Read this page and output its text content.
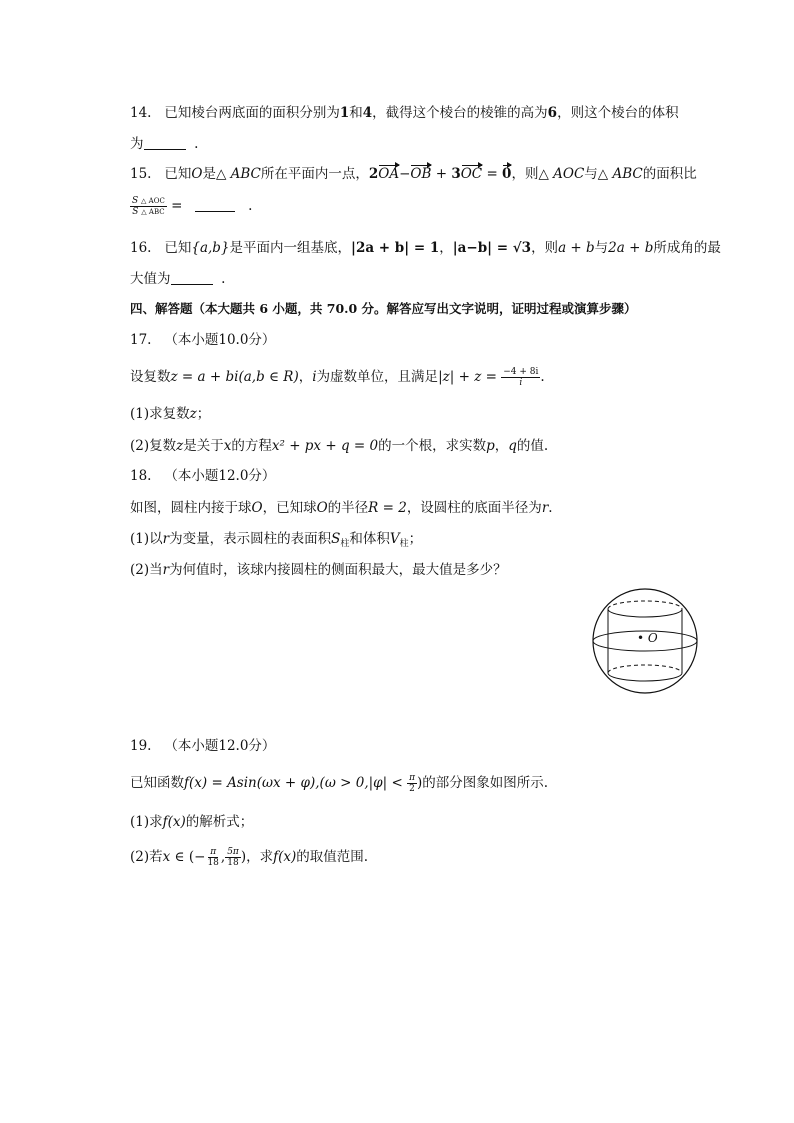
14. 已知棱台两底面的面积分别为1和4，截得这个棱台的棱锥的高为6，则这个棱台的体积
为	.
15. 已知O是△ ABC所在平面内一点，2OA−OB + 3OC = 0，则△ AOC与△ ABC的面积比
$\frac{\text{S △ AOC}}{\text{S △ ABC}}$ =	.
16. 已知{a,b}是平面内一组基底，|2a + b| = 1，|a−b| = √3，则a + b与2a + b所成角的最
大值为	.
四、解答题（本大题共 6 小题，共 70.0 分。解答应写出文字说明，证明过程或演算步骤）
17. （本小题10.0分）
设复数z = a + bi(a,b ∈ R)，i为虚数单位，且满足$|z| + z = \frac{-4 + 8i}{i}$ .
(1)求复数z；
(2)复数z是关于x的方程x² + px + q = 0的一个根，求实数p，q的值.
18. （本小题12.0分）
如图，圆柱内接于球O，已知球O的半径R = 2，设圆柱的底面半径为r.
(1)以r为变量，表示圆柱的表面积$S_柱$和体积$V_柱$；
(2)当r为何值时，该球内接圆柱的侧面积最大，最大值是多少？
• O
19. （本小题12.0分）
已知函数$f(x) = Asin(\omega x + \varphi),(\omega > 0,|\varphi| < \frac{\pi}{2}$ )的部分图象如图所示.
(1)求f(x)的解析式；
(2)若x ∈ (− $\frac{\pi}{18}$ , $\frac{5\pi}{18}$ )，求f(x)的取值范围.
